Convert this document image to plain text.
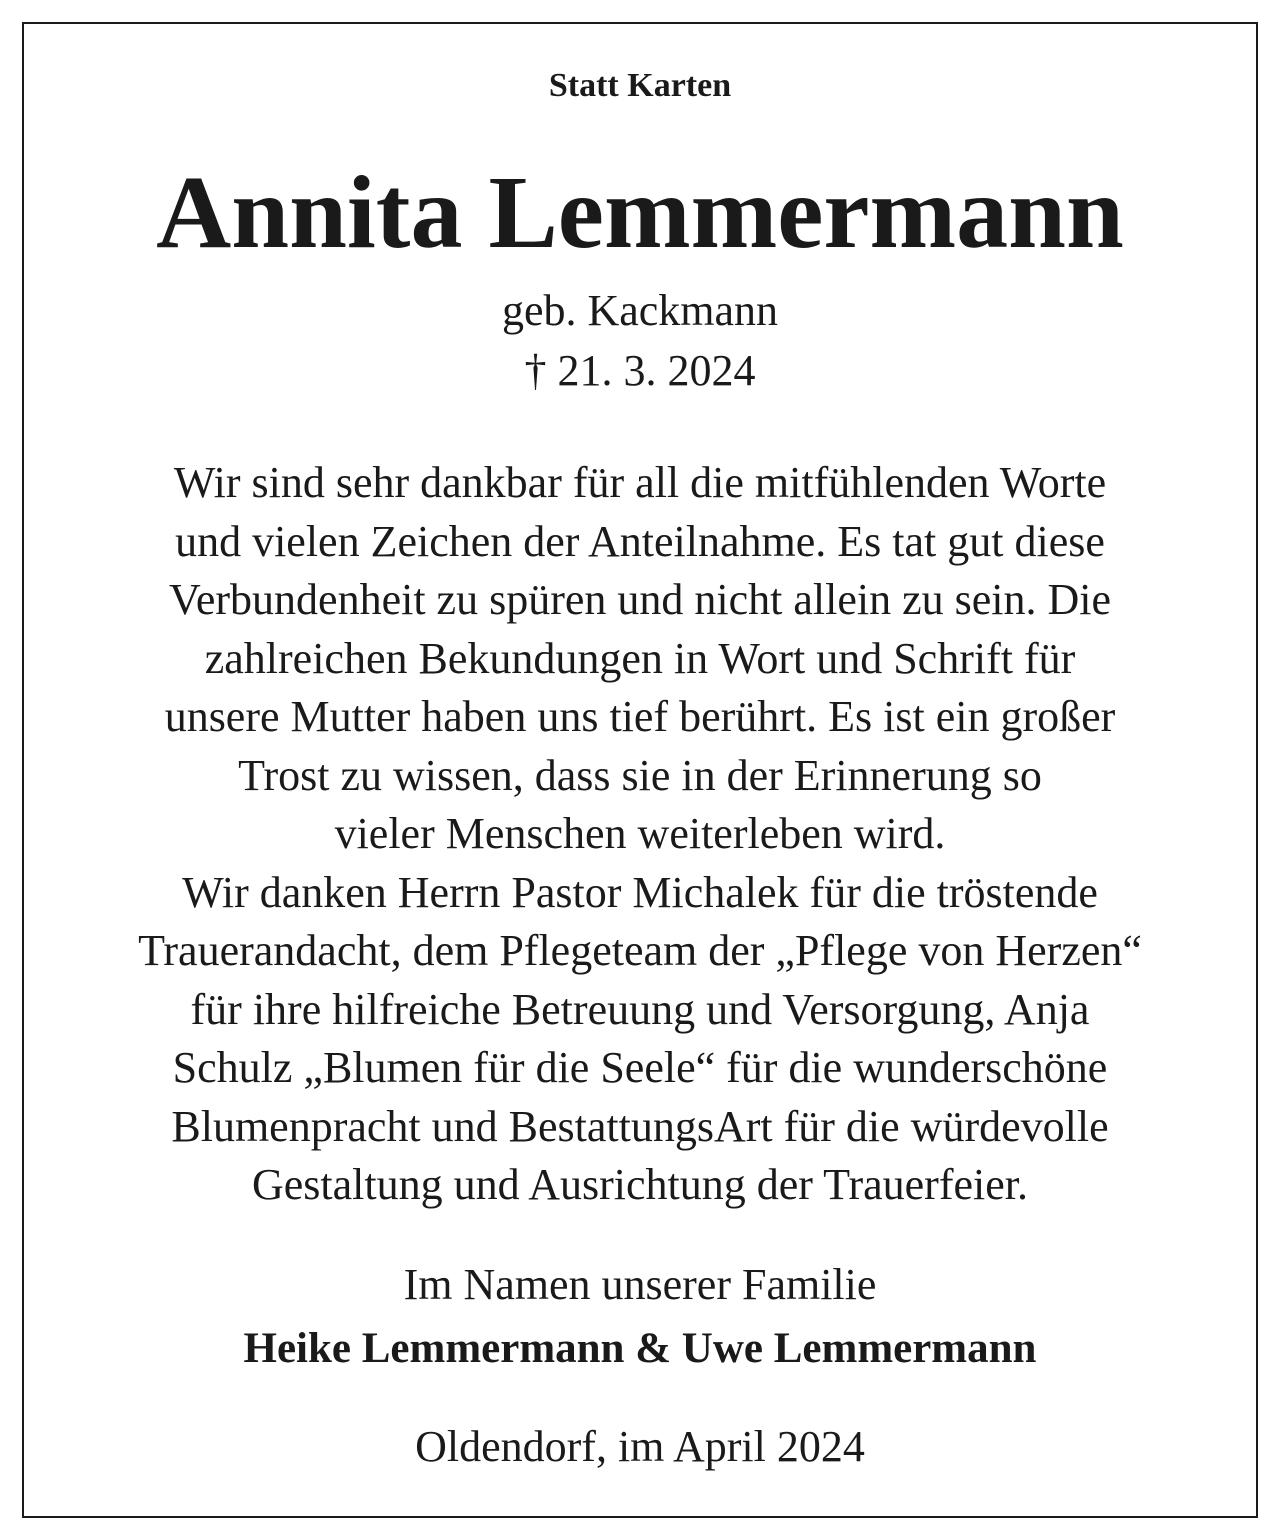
Statt Karten

Annita Lemmermann

geb. Kackmann

† 21. 3. 2024

Wir sind sehr dankbar für all die mitfühlenden Worte
und vielen Zeichen der Anteilnahme. Es tat gut diese
Verbundenheit zu spüren und nicht allein zu sein. Die
zahlreichen Bekundungen in Wort und Schrift für
unsere Mutter haben uns tief berührt. Es ist ein großer
Trost zu wissen, dass sie in der Erinnerung so
vieler Menschen weiterleben wird.
Wir danken Herrn Pastor Michalek für die tröstende
Trauerandacht, dem Pflegeteam der „Pflege von Herzen“
für ihre hilfreiche Betreuung und Versorgung, Anja
Schulz „Blumen für die Seele“ für die wunderschöne
Blumenpracht und BestattungsArt für die würdevolle
Gestaltung und Ausrichtung der Trauerfeier.

Im Namen unserer Familie

Heike Lemmermann & Uwe Lemmermann

Oldendorf, im April 2024
